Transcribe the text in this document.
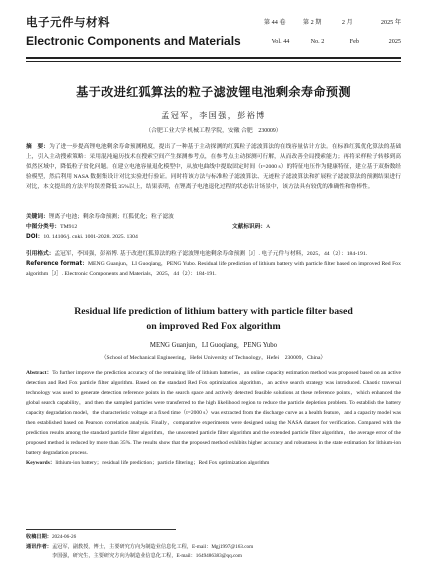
电子元件与材料
Electronic Components and Materials
第 44 卷	第 2 期	2 月	2025 年
Vol. 44	No. 2	Feb	2025
基于改进红狐算法的粒子滤波锂电池剩余寿命预测
孟冠军，李国强，彭裕博
（合肥工业大学 机械工程学院，安徽 合肥　230009）
摘　要：为了进一步提高锂电池剩余寿命预测精度，提出了一种基于主动探测的红狐粒子滤波算法的在线容量估计方法。在标准红狐优化算法的基础上，引入主动搜索策略：采用混沌遍历技术在搜索空间产生探测参考点，在参考点主动探测可行解，从而改善全局搜索能力；再将采样粒子转移到高似然区域中，降低粒子贫化问题。在建立电池容量退化模型中，从放电曲线中提取固定时间（t=2000 s）的特征电压作为健康特征，建立基于双指数经验模型，然后利用 NASA 数据集设计对比实验进行验证。同时将该方法与标准粒子滤波算法、无迹粒子滤波算法和扩展粒子滤波算法的预测结果进行对比，本文提出的方法平均误差降低 35%以上，结果表明，在锂离子电池退化过程的状态估计场景中，该方法具有较优的准确性和鲁棒性。
关键词：锂离子电池；剩余寿命预测；红狐优化；粒子滤波
中图分类号：TM912	文献标识码：A
DOI：10. 14106/j. cnki. 1001-2028. 2025. 1304
引用格式：孟冠军，李国强，彭裕博. 基于改进红狐算法的粒子滤波锂电池剩余寿命预测［J］. 电子元件与材料，2025，44（2）：184-191.
Reference format：MENG Guanjun，LI Guoqiang，PENG Yubo. Residual life prediction of lithium battery with particle filter based on improved Red Fox algorithm［J］. Electronic Components and Materials，2025，44（2）：184-191.
Residual life prediction of lithium battery with particle filter based
on improved Red Fox algorithm
MENG Guanjun，LI Guoqiang，PENG Yubo
（School of Mechanical Engineering，Hefei University of Technology，Hefei　230009，China）
Abstract：To further improve the prediction accuracy of the remaining life of lithium batteries，an online capacity estimation method was proposed based on an active detection and Red Fox particle filter algorithm. Based on the standard Red Fox optimization algorithm，an active search strategy was introduced. Chaotic traversal technology was used to generate detection reference points in the search space and actively detected feasible solutions at these reference points，which enhanced the global search capability，and then the sampled particles were transferred to the high likelihood region to reduce the particle depletion problem. To establish the battery capacity degradation model，the characteristic voltage at a fixed time（t=2000 s）was extracted from the discharge curve as a health feature，and a capacity model was then established based on Pearson correlation analysis. Finally，comparative experiments were designed using the NASA dataset for verification. Compared with the prediction results among the standard particle filter algorithm，the unscented particle filter algorithm and the extended particle filter algorithm，the average error of the proposed method is reduced by more than 35%. The results show that the proposed method exhibits higher accuracy and robustness in the state estimation for lithium-ion battery degradation process.
Keywords：lithium-ion battery；residual life prediction；particle filtering；Red Fox optimization algorithm
收稿日期：2024-06-26
通讯作者：孟冠军，副教授，博士，主要研究方向为制造业信息化工程，E-mail：Mgj1997@163.com
李国强，研究生，主要研究方向为制造业信息化工程，E-mail：1649486383@qq.com
